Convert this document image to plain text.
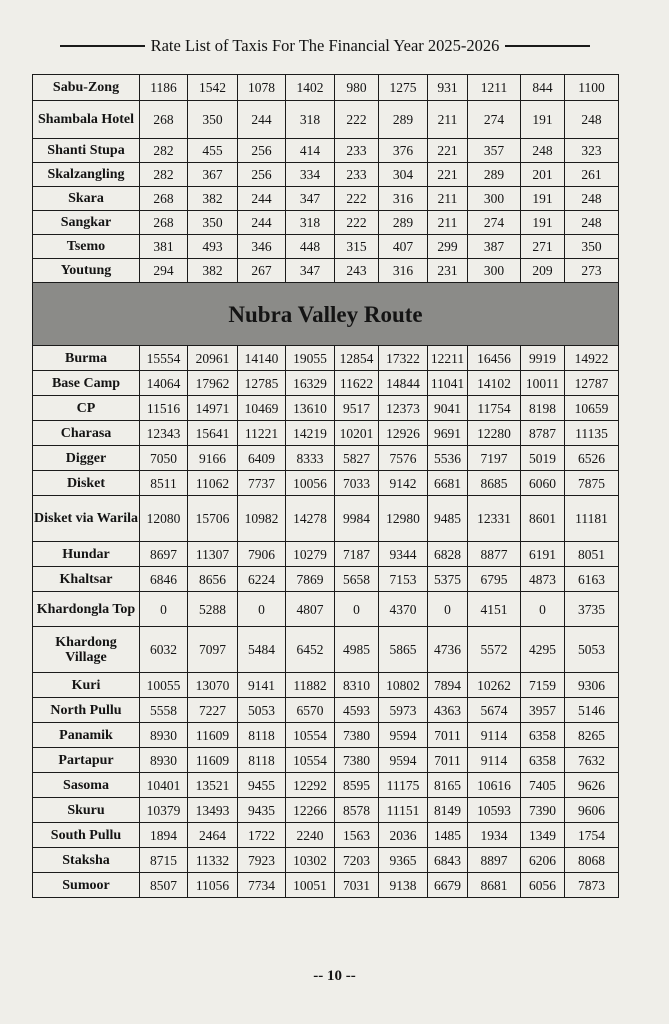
Rate List of Taxis For The Financial Year 2025-2026
Sabu-Zong	1186	1542	1078	1402	980	1275	931	1211	844	1100
Shambala Hotel	268	350	244	318	222	289	211	274	191	248
Shanti Stupa	282	455	256	414	233	376	221	357	248	323
Skalzangling	282	367	256	334	233	304	221	289	201	261
Skara	268	382	244	347	222	316	211	300	191	248
Sangkar	268	350	244	318	222	289	211	274	191	248
Tsemo	381	493	346	448	315	407	299	387	271	350
Youtung	294	382	267	347	243	316	231	300	209	273
Nubra Valley Route										
Burma	15554	20961	14140	19055	12854	17322	12211	16456	9919	14922
Base Camp	14064	17962	12785	16329	11622	14844	11041	14102	10011	12787
CP	11516	14971	10469	13610	9517	12373	9041	11754	8198	10659
Charasa	12343	15641	11221	14219	10201	12926	9691	12280	8787	11135
Digger	7050	9166	6409	8333	5827	7576	5536	7197	5019	6526
Disket	8511	11062	7737	10056	7033	9142	6681	8685	6060	7875
Disket via Warila	12080	15706	10982	14278	9984	12980	9485	12331	8601	11181
Hundar	8697	11307	7906	10279	7187	9344	6828	8877	6191	8051
Khaltsar	6846	8656	6224	7869	5658	7153	5375	6795	4873	6163
Khardongla Top	0	5288	0	4807	0	4370	0	4151	0	3735
Khardong Village	6032	7097	5484	6452	4985	5865	4736	5572	4295	5053
Kuri	10055	13070	9141	11882	8310	10802	7894	10262	7159	9306
North Pullu	5558	7227	5053	6570	4593	5973	4363	5674	3957	5146
Panamik	8930	11609	8118	10554	7380	9594	7011	9114	6358	8265
Partapur	8930	11609	8118	10554	7380	9594	7011	9114	6358	7632
Sasoma	10401	13521	9455	12292	8595	11175	8165	10616	7405	9626
Skuru	10379	13493	9435	12266	8578	11151	8149	10593	7390	9606
South Pullu	1894	2464	1722	2240	1563	2036	1485	1934	1349	1754
Staksha	8715	11332	7923	10302	7203	9365	6843	8897	6206	8068
Sumoor	8507	11056	7734	10051	7031	9138	6679	8681	6056	7873
-- 10 --
